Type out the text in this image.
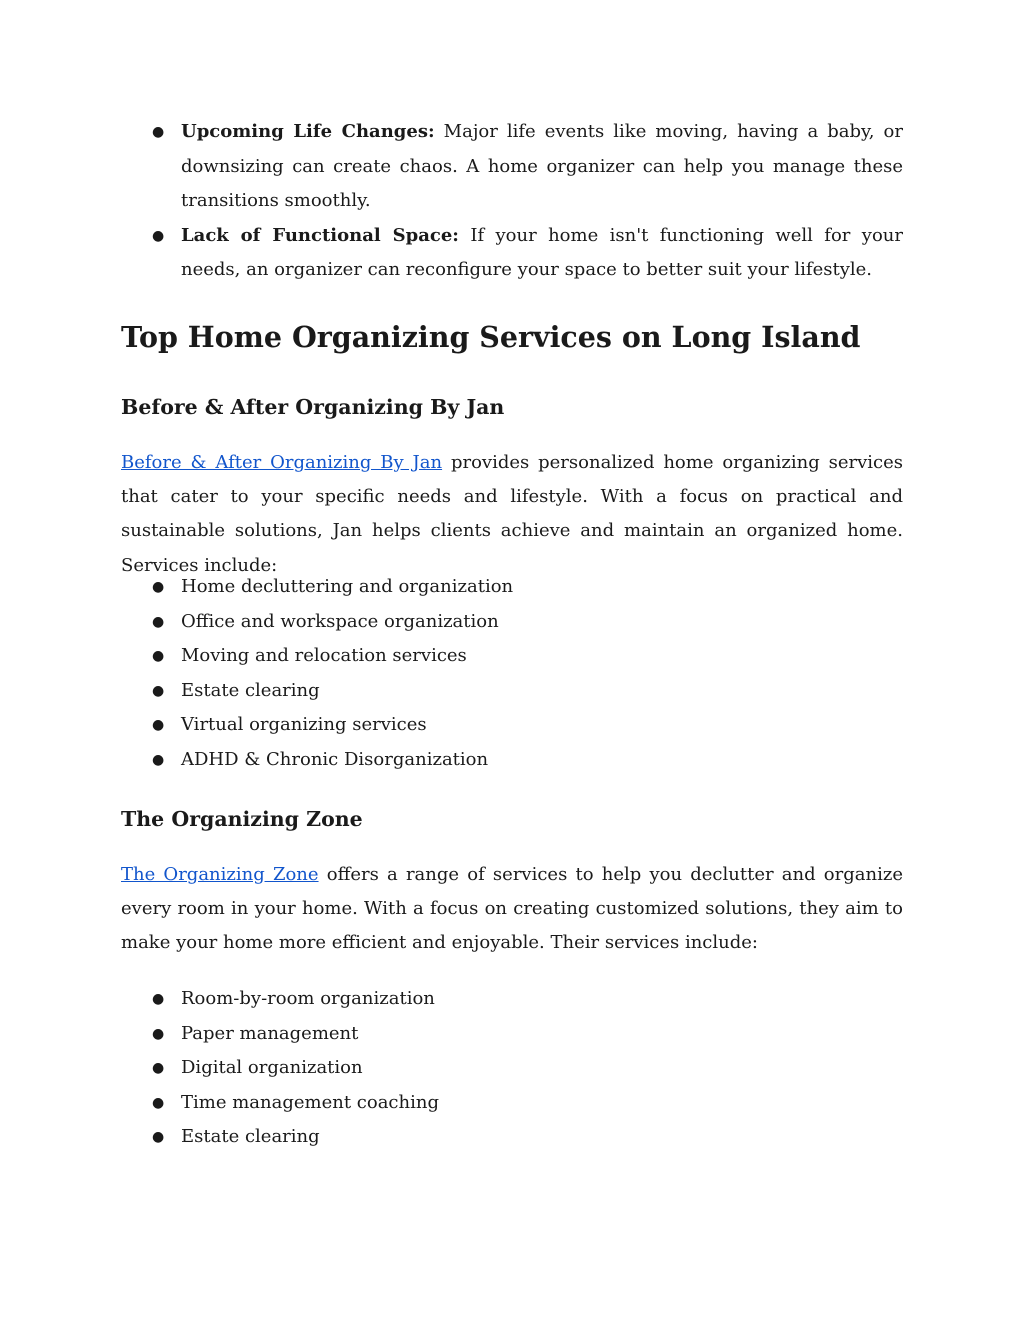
● Upcoming Life Changes: Major life events like moving, having a baby, or downsizing can create chaos. A home organizer can help you manage these transitions smoothly.
● Lack of Functional Space: If your home isn't functioning well for your needs, an organizer can reconfigure your space to better suit your lifestyle.
Top Home Organizing Services on Long Island
Before & After Organizing By Jan

Before & After Organizing By Jan provides personalized home organizing services that cater to your specific needs and lifestyle. With a focus on practical and sustainable solutions, Jan helps clients achieve and maintain an organized home. Services include:

● Home decluttering and organization
● Office and workspace organization
● Moving and relocation services
● Estate clearing
● Virtual organizing services
● ADHD & Chronic Disorganization
The Organizing Zone

The Organizing Zone offers a range of services to help you declutter and organize every room in your home. With a focus on creating customized solutions, they aim to make your home more efficient and enjoyable. Their services include:

● Room-by-room organization
● Paper management
● Digital organization
● Time management coaching
● Estate clearing
